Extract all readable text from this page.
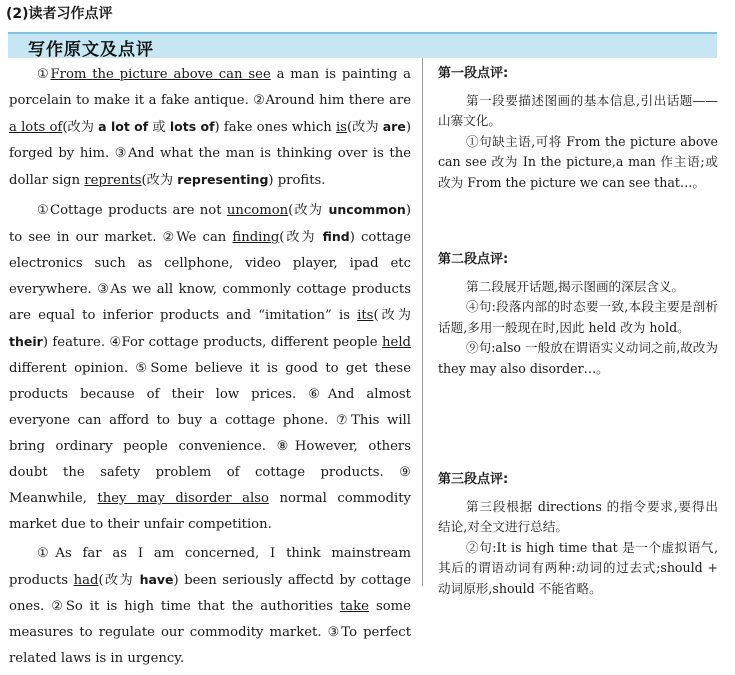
(2)读者习作点评
写作原文及点评

①From the picture above can see a man is painting a porcelain to make it a fake antique. ②Around him there are a lots of(改为 a lot of 或 lots of) fake ones which is(改为 are) forged by him. ③And what the man is thinking over is the dollar sign reprents(改为 representing) profits.

①Cottage products are not uncomon(改为 uncommon) to see in our market. ②We can finding(改为 find) cottage electronics such as cellphone, video player, ipad etc everywhere. ③As we all know, commonly cottage products are equal to inferior products and “imitation” is its(改为 their) feature. ④For cottage products, different people held different opinion. ⑤Some believe it is good to get these products because of their low prices. ⑥And almost everyone can afford to buy a cottage phone. ⑦This will bring ordinary people convenience. ⑧However, others doubt the safety problem of cottage products. ⑨ Meanwhile, they may disorder also normal commodity market due to their unfair competition.

①As far as I am concerned, I think mainstream products had(改为 have) been seriously affectd by cottage ones. ②So it is high time that the authorities take some measures to regulate our commodity market. ③To perfect related laws is in urgency.

第一段点评:

第一段要描述图画的基本信息,引出话题——山寨文化。

①句缺主语,可将 From the picture above can see 改为 In the picture,a man 作主语;或改为 From the picture we can see that…。

第二段点评:

第二段展开话题,揭示图画的深层含义。

④句:段落内部的时态要一致,本段主要是剖析话题,多用一般现在时,因此 held 改为 hold。

⑨句:also 一般放在谓语实义动词之前,故改为 they may also disorder…。

第三段点评:

第三段根据 directions 的指令要求,要得出结论,对全文进行总结。

②句:It is high time that 是一个虚拟语气,其后的谓语动词有两种:动词的过去式;should + 动词原形,should 不能省略。
